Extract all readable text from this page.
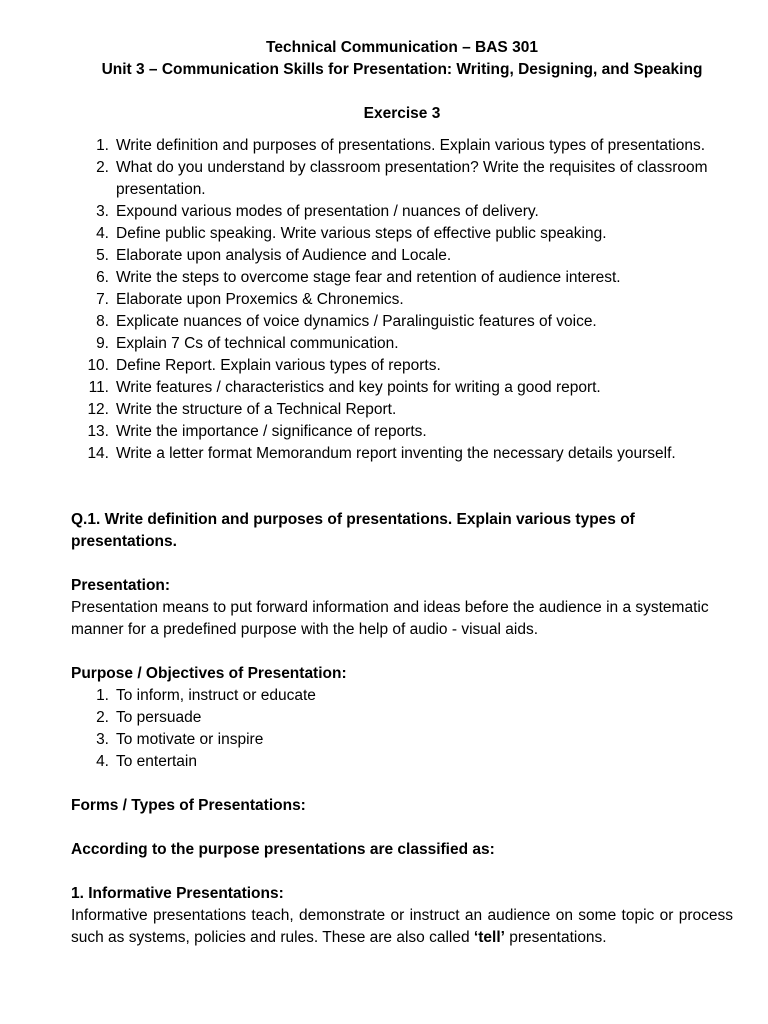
Technical Communication – BAS 301

Unit 3 – Communication Skills for Presentation: Writing, Designing, and Speaking

Exercise 3

1. Write definition and purposes of presentations. Explain various types of presentations.
2. What do you understand by classroom presentation? Write the requisites of classroom presentation.
3. Expound various modes of presentation / nuances of delivery.
4. Define public speaking. Write various steps of effective public speaking.
5. Elaborate upon analysis of Audience and Locale.
6. Write the steps to overcome stage fear and retention of audience interest.
7. Elaborate upon Proxemics & Chronemics.
8. Explicate nuances of voice dynamics / Paralinguistic features of voice.
9. Explain 7 Cs of technical communication.
10. Define Report. Explain various types of reports.
11. Write features / characteristics and key points for writing a good report.
12. Write the structure of a Technical Report.
13. Write the importance / significance of reports.
14. Write a letter format Memorandum report inventing the necessary details yourself.

Q.1. Write definition and purposes of presentations. Explain various types of presentations.

Presentation:

Presentation means to put forward information and ideas before the audience in a systematic manner for a predefined purpose with the help of audio - visual aids.

Purpose / Objectives of Presentation:

1. To inform, instruct or educate
2. To persuade
3. To motivate or inspire
4. To entertain

Forms / Types of Presentations:

According to the purpose presentations are classified as:

1. Informative Presentations:

Informative presentations teach, demonstrate or instruct an audience on some topic or process such as systems, policies and rules. These are also called ‘tell’ presentations.
